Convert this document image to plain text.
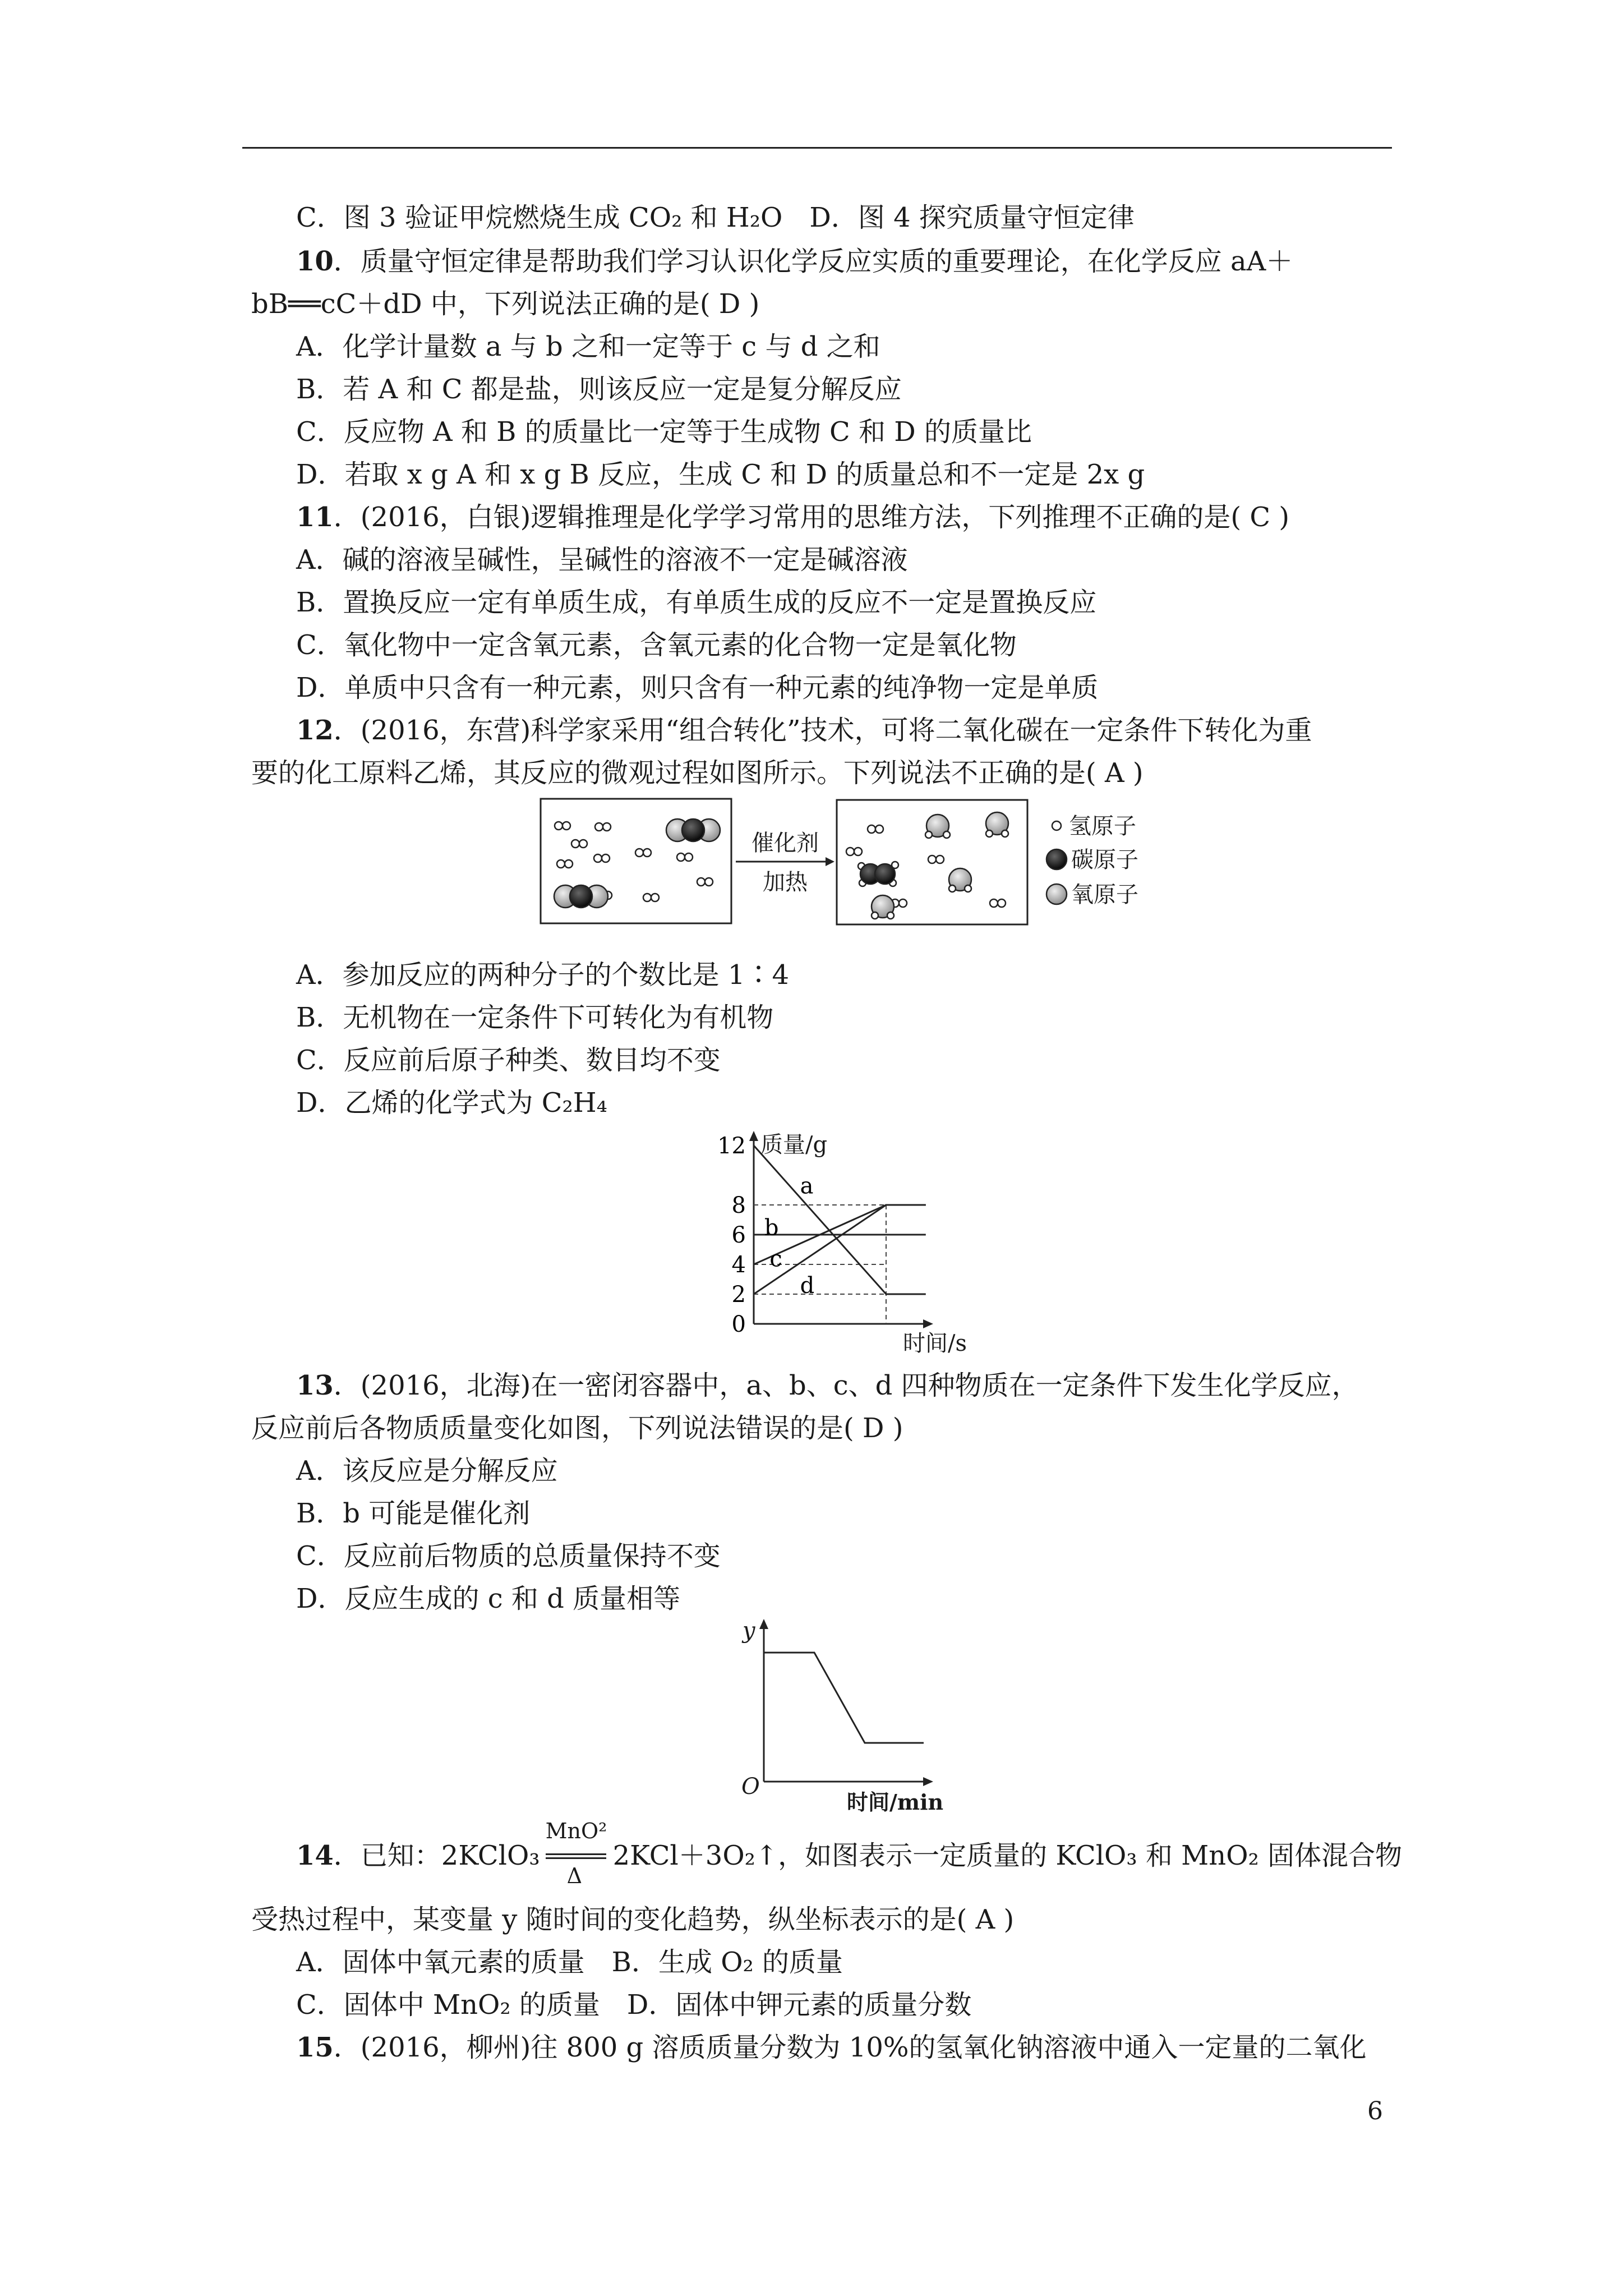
C．图 3 验证甲烷燃烧生成 CO₂ 和 H₂O　D．图 4 探究质量守恒定律
10．质量守恒定律是帮助我们学习认识化学反应实质的重要理论，在化学反应 aA＋
bB══cC＋dD 中，下列说法正确的是( D )
A．化学计量数 a 与 b 之和一定等于 c 与 d 之和
B．若 A 和 C 都是盐，则该反应一定是复分解反应
C．反应物 A 和 B 的质量比一定等于生成物 C 和 D 的质量比
D．若取 x g A 和 x g B 反应，生成 C 和 D 的质量总和不一定是 2x g
11．(2016，白银)逻辑推理是化学学习常用的思维方法，下列推理不正确的是( C )
A．碱的溶液呈碱性，呈碱性的溶液不一定是碱溶液
B．置换反应一定有单质生成，有单质生成的反应不一定是置换反应
C．氧化物中一定含氧元素，含氧元素的化合物一定是氧化物
D．单质中只含有一种元素，则只含有一种元素的纯净物一定是单质
12．(2016，东营)科学家采用“组合转化”技术，可将二氧化碳在一定条件下转化为重
要的化工原料乙烯，其反应的微观过程如图所示。下列说法不正确的是( A )
催化剂
加热
氢原子
碳原子
氧原子
A．参加反应的两种分子的个数比是 1∶4
B．无机物在一定条件下可转化为有机物
C．反应前后原子种类、数目均不变
D．乙烯的化学式为 C₂H₄
质量/g
时间/s
0
2
4
6
8
12
a
b
c
d
13．(2016，北海)在一密闭容器中，a、b、c、d 四种物质在一定条件下发生化学反应，
反应前后各物质质量变化如图，下列说法错误的是( D )
A．该反应是分解反应
B．b 可能是催化剂
C．反应前后物质的总质量保持不变
D．反应生成的 c 和 d 质量相等
y
O
时间/min
14．已知：2KClO₃
MnO²
Δ
2KCl＋3O₂↑，如图表示一定质量的 KClO₃ 和 MnO₂ 固体混合物
受热过程中，某变量 y 随时间的变化趋势，纵坐标表示的是( A )
A．固体中氧元素的质量　B．生成 O₂ 的质量
C．固体中 MnO₂ 的质量　D．固体中钾元素的质量分数
15．(2016，柳州)往 800 g 溶质质量分数为 10%的氢氧化钠溶液中通入一定量的二氧化
6
